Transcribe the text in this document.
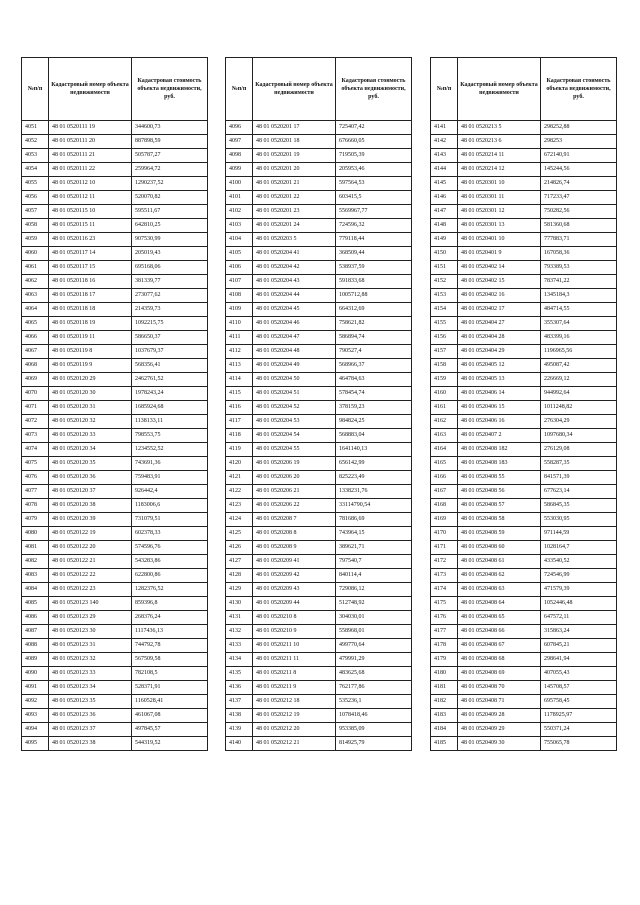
№п/п	Кадастровый номер объекта недвижимости	Кадастровая стоимость объекта недвижимости, руб.
4051	48 01 0520111 19	344600,73
4052	48 01 0520111 20	887898,59
4053	48 01 0520111 21	505787,27
4054	48 01 0520111 22	259964,72
4055	48 01 0520112 10	1290237,52
4056	48 01 0520112 11	520070,82
4057	48 01 0520115 10	595511,67
4058	48 01 0520115 11	642810,25
4059	48 01 0520116 23	907530,99
4060	48 01 0520117 14	205019,43
4061	48 01 0520117 15	695168,06
4062	48 01 0520118 16	381339,77
4063	48 01 0520118 17	273077,62
4064	48 01 0520118 18	214359,73
4065	48 01 0520118 19	1092215,75
4066	48 01 0520119 11	586650,37
4067	48 01 0520119 8	1037679,37
4068	48 01 0520119 9	568356,41
4069	48 01 0520120 29	2462761,52
4070	48 01 0520120 30	1978243,24
4071	48 01 0520120 31	1685924,68
4072	48 01 0520120 32	1138133,11
4073	48 01 0520120 33	798553,75
4074	48 01 0520120 34	1234552,52
4075	48 01 0520120 35	743691,36
4076	48 01 0520120 36	759483,91
4077	48 01 0520120 37	926442,4
4078	48 01 0520120 38	1183006,6
4079	48 01 0520120 39	731079,51
4080	48 01 0520122 19	602378,33
4081	48 01 0520122 20	574596,76
4082	48 01 0520122 21	543283,86
4083	48 01 0520122 22	622800,86
4084	48 01 0520122 23	1282376,52
4085	48 01 0520123 140	859396,8
4086	48 01 0520123 29	268376,24
4087	48 01 0520123 30	1117436,13
4088	48 01 0520123 31	744792,78
4089	48 01 0520123 32	567509,58
4090	48 01 0520123 33	782108,5
4091	48 01 0520123 34	528371,91
4092	48 01 0520123 35	1160528,41
4093	48 01 0520123 36	461067,08
4094	48 01 0520123 37	497845,57
4095	48 01 0520123 38	544319,52
№п/п	Кадастровый номер объекта недвижимости	Кадастровая стоимость объекта недвижимости, руб.
4096	48 01 0520201 17	725407,42
4097	48 01 0520201 18	676660,05
4098	48 01 0520201 19	719505,39
4099	48 01 0520201 20	205953,46
4100	48 01 0520201 21	597564,53
4101	48 01 0520201 22	603415,5
4102	48 01 0520201 23	5569967,77
4103	48 01 0520201 24	724596,32
4104	48 01 0520203 5	779118,44
4105	48 01 0520204 41	368509,44
4106	48 01 0520204 42	538937,59
4107	48 01 0520204 43	591833,68
4108	48 01 0520204 44	1005712,88
4109	48 01 0520204 45	664312,69
4110	48 01 0520204 46	758621,82
4111	48 01 0520204 47	586894,74
4112	48 01 0520204 48	790527,4
4113	48 01 0520204 49	568966,37
4114	48 01 0520204 50	464784,63
4115	48 01 0520204 51	578454,74
4116	48 01 0520204 52	378159,23
4117	48 01 0520204 53	984824,25
4118	48 01 0520204 54	568883,04
4119	48 01 0520204 55	1641140,13
4120	48 01 0520206 19	656142,99
4121	48 01 0520206 20	825223,49
4122	48 01 0520206 21	1338231,76
4123	48 01 0520206 22	33114790,54
4124	48 01 0520208 7	781686,69
4125	48 01 0520208 8	743964,15
4126	48 01 0520208 9	389621,71
4127	48 01 0520209 41	797540,7
4128	48 01 0520209 42	840114,4
4129	48 01 0520209 43	729086,12
4130	48 01 0520209 44	512748,92
4131	48 01 0520210 8	304030,01
4132	48 01 0520210 9	558968,01
4133	48 01 0520211 10	499770,64
4134	48 01 0520211 11	479991,29
4135	48 01 0520211 8	483625,68
4136	48 01 0520211 9	762177,86
4137	48 01 0520212 18	535236,1
4138	48 01 0520212 19	1078418,46
4139	48 01 0520212 20	953385,09
4140	48 01 0520212 21	814925,79
№п/п	Кадастровый номер объекта недвижимости	Кадастровая стоимость объекта недвижимости, руб.
4141	48 01 0520213 5	298252,88
4142	48 01 0520213 6	298253
4143	48 01 0520214 11	672140,91
4144	48 01 0520214 12	145244,56
4145	48 01 0520301 10	214826,74
4146	48 01 0520301 11	717233,47
4147	48 01 0520301 12	750282,56
4148	48 01 0520301 13	581360,68
4149	48 01 0520401 10	777883,71
4150	48 01 0520401 9	167058,36
4151	48 01 0520402 14	793389,53
4152	48 01 0520402 15	783741,22
4153	48 01 0520402 16	1345184,3
4154	48 01 0520402 17	484714,55
4155	48 01 0520404 27	355307,64
4156	48 01 0520404 28	483399,16
4157	48 01 0520404 29	1196965,56
4158	48 01 0520405 12	495087,42
4159	48 01 0520405 13	226669,12
4160	48 01 0520406 14	944992,64
4161	48 01 0520406 15	1011248,82
4162	48 01 0520406 16	276304,29
4163	48 01 0520407 2	1097680,34
4164	48 01 0520408 182	276129,08
4165	48 01 0520408 183	558287,35
4166	48 01 0520408 55	841571,39
4167	48 01 0520408 56	677623,14
4168	48 01 0520408 57	586845,35
4169	48 01 0520408 58	553030,95
4170	48 01 0520408 59	971144,59
4171	48 01 0520408 60	1028164,7
4172	48 01 0520408 61	433540,52
4173	48 01 0520408 62	724546,99
4174	48 01 0520408 63	471579,39
4175	48 01 0520408 64	1052446,48
4176	48 01 0520408 65	647572,11
4177	48 01 0520408 66	315863,24
4178	48 01 0520408 67	607845,21
4179	48 01 0520408 68	298641,94
4180	48 01 0520408 69	407055,43
4181	48 01 0520408 70	145708,57
4182	48 01 0520408 71	695758,45
4183	48 01 0520409 28	1178925,97
4184	48 01 0520409 29	550371,24
4185	48 01 0520409 30	755065,78
